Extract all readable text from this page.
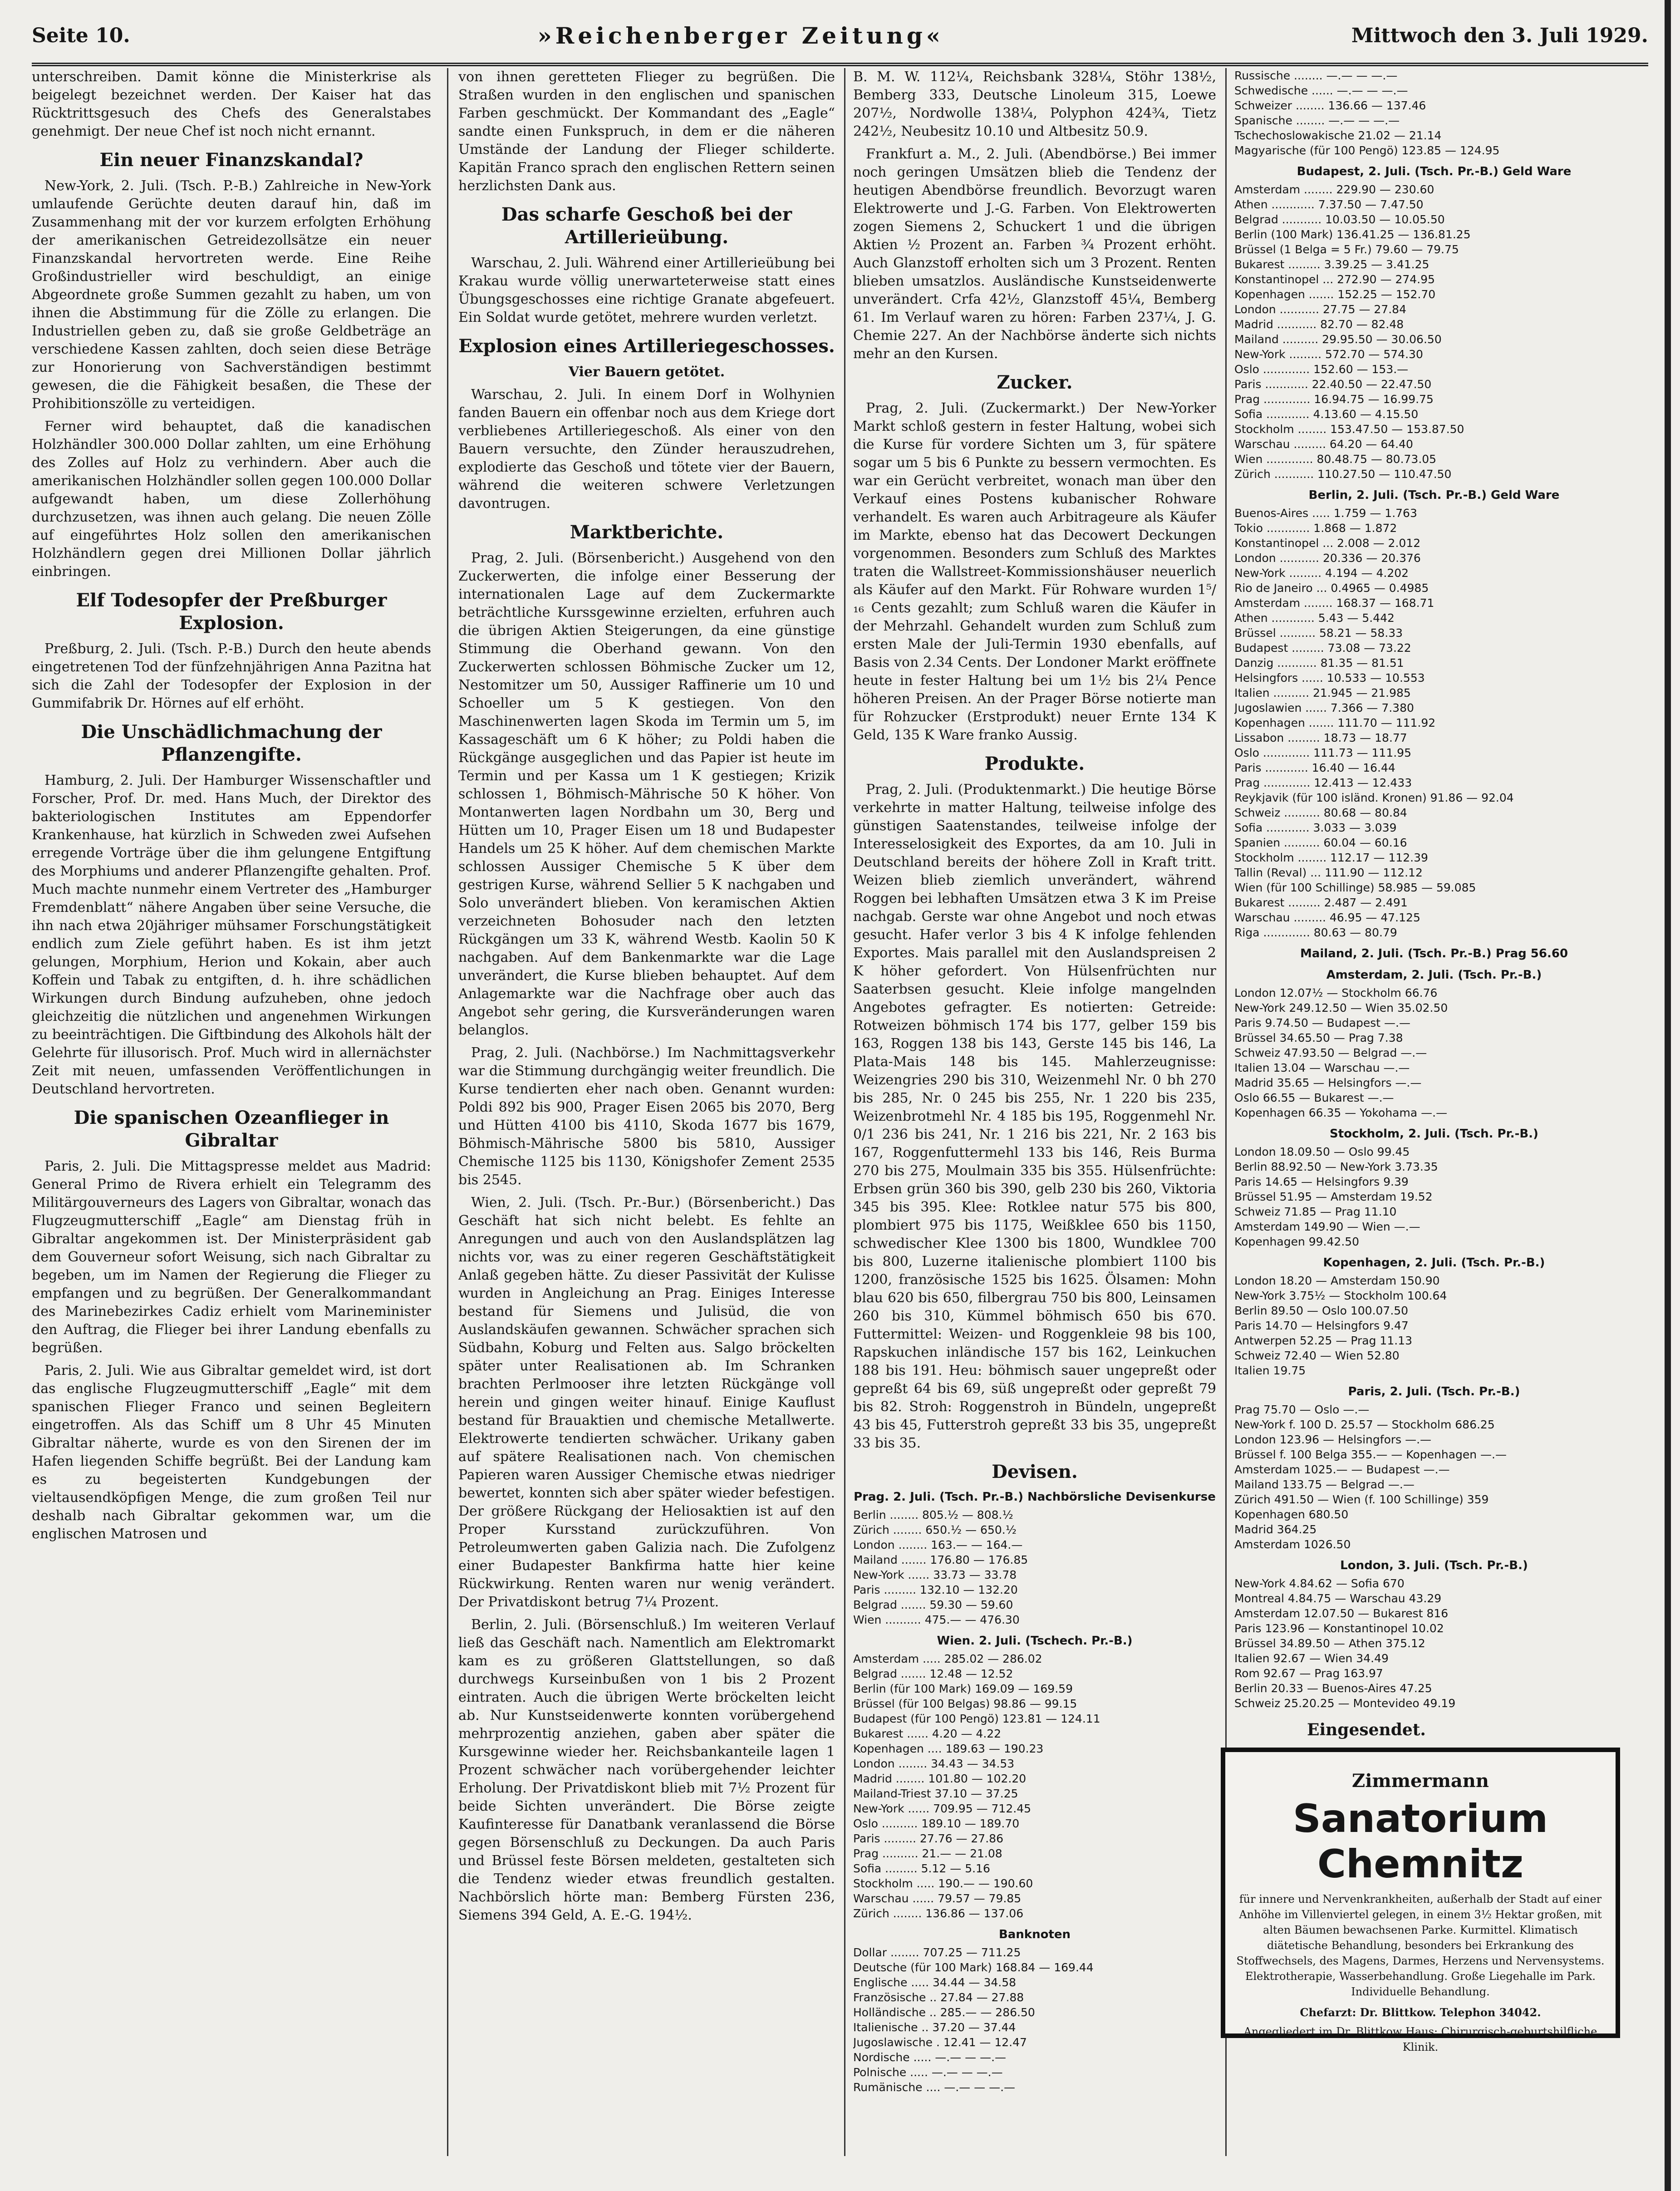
Seite 10.	»Reichenberger Zeitung«	Mittwoch den 3. Juli 1929.

unterschreiben. Damit könne die Ministerkrise als beigelegt bezeichnet werden. Der Kaiser hat das Rücktrittsgesuch des Chefs des Generalstabes genehmigt. Der neue Chef ist noch nicht ernannt.

Ein neuer Finanzskandal?

New-York, 2. Juli. (Tsch. P.-B.) Zahlreiche in New-York umlaufende Gerüchte deuten darauf hin, daß im Zusammenhang mit der vor kurzem erfolgten Erhöhung der amerikanischen Getreidezollsätze ein neuer Finanzskandal hervortreten werde. Eine Reihe Großindustrieller wird beschuldigt, an einige Abgeordnete große Summen gezahlt zu haben, um von ihnen die Abstimmung für die Zölle zu erlangen. Die Industriellen geben zu, daß sie große Geldbeträge an verschiedene Kassen zahlten, doch seien diese Beträge zur Honorierung von Sachverständigen bestimmt gewesen, die die Fähigkeit besaßen, die These der Prohibitionszölle zu verteidigen.

Ferner wird behauptet, daß die kanadischen Holzhändler 300.000 Dollar zahlten, um eine Erhöhung des Zolles auf Holz zu verhindern. Aber auch die amerikanischen Holzhändler sollen gegen 100.000 Dollar aufgewandt haben, um diese Zollerhöhung durchzusetzen, was ihnen auch gelang. Die neuen Zölle auf eingeführtes Holz sollen den amerikanischen Holzhändlern gegen drei Millionen Dollar jährlich einbringen.

Elf Todesopfer der Preßburger Explosion.

Preßburg, 2. Juli. (Tsch. P.-B.) Durch den heute abends eingetretenen Tod der fünfzehnjährigen Anna Pazitna hat sich die Zahl der Todesopfer der Explosion in der Gummifabrik Dr. Hörnes auf elf erhöht.

Die Unschädlichmachung der Pflanzengifte.

Hamburg, 2. Juli. Der Hamburger Wissenschaftler und Forscher, Prof. Dr. med. Hans Much, der Direktor des bakteriologischen Institutes am Eppendorfer Krankenhause, hat kürzlich in Schweden zwei Aufsehen erregende Vorträge über die ihm gelungene Entgiftung des Morphiums und anderer Pflanzengifte gehalten. Prof. Much machte nunmehr einem Vertreter des „Hamburger Fremdenblatt“ nähere Angaben über seine Versuche, die ihn nach etwa 20jähriger mühsamer Forschungstätigkeit endlich zum Ziele geführt haben. Es ist ihm jetzt gelungen, Morphium, Herion und Kokain, aber auch Koffein und Tabak zu entgiften, d. h. ihre schädlichen Wirkungen durch Bindung aufzuheben, ohne jedoch gleichzeitig die nützlichen und angenehmen Wirkungen zu beeinträchtigen. Die Giftbindung des Alkohols hält der Gelehrte für illusorisch. Prof. Much wird in allernächster Zeit mit neuen, umfassenden Veröffentlichungen in Deutschland hervortreten.

Die spanischen Ozeanflieger in Gibraltar

Paris, 2. Juli. Die Mittagspresse meldet aus Madrid: General Primo de Rivera erhielt ein Telegramm des Militärgouverneurs des Lagers von Gibraltar, wonach das Flugzeugmutterschiff „Eagle“ am Dienstag früh in Gibraltar angekommen ist. Der Ministerpräsident gab dem Gouverneur sofort Weisung, sich nach Gibraltar zu begeben, um im Namen der Regierung die Flieger zu empfangen und zu begrüßen. Der Generalkommandant des Marinebezirkes Cadiz erhielt vom Marineminister den Auftrag, die Flieger bei ihrer Landung ebenfalls zu begrüßen.

Paris, 2. Juli. Wie aus Gibraltar gemeldet wird, ist dort das englische Flugzeugmutterschiff „Eagle“ mit dem spanischen Flieger Franco und seinen Begleitern eingetroffen. Als das Schiff um 8 Uhr 45 Minuten Gibraltar näherte, wurde es von den Sirenen der im Hafen liegenden Schiffe begrüßt. Bei der Landung kam es zu begeisterten Kundgebungen der vieltausendköpfigen Menge, die zum großen Teil nur deshalb nach Gibraltar gekommen war, um die englischen Matrosen und

von ihnen geretteten Flieger zu begrüßen. Die Straßen wurden in den englischen und spanischen Farben geschmückt. Der Kommandant des „Eagle“ sandte einen Funkspruch, in dem er die näheren Umstände der Landung der Flieger schilderte. Kapitän Franco sprach den englischen Rettern seinen herzlichsten Dank aus.

Das scharfe Geschoß bei der Artillerieübung.

Warschau, 2. Juli. Während einer Artillerieübung bei Krakau wurde völlig unerwarteterweise statt eines Übungsgeschosses eine richtige Granate abgefeuert. Ein Soldat wurde getötet, mehrere wurden verletzt.

Explosion eines Artilleriegeschosses.
Vier Bauern getötet.

Warschau, 2. Juli. In einem Dorf in Wolhynien fanden Bauern ein offenbar noch aus dem Kriege dort verbliebenes Artilleriegeschoß. Als einer von den Bauern versuchte, den Zünder herauszudrehen, explodierte das Geschoß und tötete vier der Bauern, während die weiteren schwere Verletzungen davontrugen.

Marktberichte.

Prag, 2. Juli. (Börsenbericht.) Ausgehend von den Zuckerwerten, die infolge einer Besserung der internationalen Lage auf dem Zuckermarkte beträchtliche Kurssgewinne erzielten, erfuhren auch die übrigen Aktien Steigerungen, da eine günstige Stimmung die Oberhand gewann. Von den Zuckerwerten schlossen Böhmische Zucker um 12, Nestomitzer um 50, Aussiger Raffinerie um 10 und Schoeller um 5 K gestiegen. Von den Maschinenwerten lagen Skoda im Termin um 5, im Kassageschäft um 6 K höher; zu Poldi haben die Rückgänge ausgeglichen und das Papier ist heute im Termin und per Kassa um 1 K gestiegen; Krizik schlossen 1, Böhmisch-Mährische 50 K höher. Von Montanwerten lagen Nordbahn um 30, Berg und Hütten um 10, Prager Eisen um 18 und Budapester Handels um 25 K höher. Auf dem chemischen Markte schlossen Aussiger Chemische 5 K über dem gestrigen Kurse, während Sellier 5 K nachgaben und Solo unverändert blieben. Von keramischen Aktien verzeichneten Bohosuder nach den letzten Rückgängen um 33 K, während Westb. Kaolin 50 K nachgaben. Auf dem Bankenmarkte war die Lage unverändert, die Kurse blieben behauptet. Auf dem Anlagemarkte war die Nachfrage ober auch das Angebot sehr gering, die Kursveränderungen waren belanglos.

Prag, 2. Juli. (Nachbörse.) Im Nachmittagsverkehr war die Stimmung durchgängig weiter freundlich. Die Kurse tendierten eher nach oben. Genannt wurden: Poldi 892 bis 900, Prager Eisen 2065 bis 2070, Berg und Hütten 4100 bis 4110, Skoda 1677 bis 1679, Böhmisch-Mährische 5800 bis 5810, Aussiger Chemische 1125 bis 1130, Königshofer Zement 2535 bis 2545.

Wien, 2. Juli. (Tsch. Pr.-Bur.) (Börsenbericht.) Das Geschäft hat sich nicht belebt. Es fehlte an Anregungen und auch von den Auslandsplätzen lag nichts vor, was zu einer regeren Geschäftstätigkeit Anlaß gegeben hätte. Zu dieser Passivität der Kulisse wurden in Angleichung an Prag. Einiges Interesse bestand für Siemens und Julisüd, die von Auslandskäufen gewannen. Schwächer sprachen sich Südbahn, Koburg und Felten aus. Salgo bröckelten später unter Realisationen ab. Im Schranken brachten Perlmooser ihre letzten Rückgänge voll herein und gingen weiter hinauf. Einige Kauflust bestand für Brauaktien und chemische Metallwerte. Elektrowerte tendierten schwächer. Urikany gaben auf spätere Realisationen nach. Von chemischen Papieren waren Aussiger Chemische etwas niedriger bewertet, konnten sich aber später wieder befestigen. Der größere Rückgang der Heliosaktien ist auf den Proper Kursstand zurückzuführen. Von Petroleumwerten gaben Galizia nach. Die Zufolgenz einer Budapester Bankfirma hatte hier keine Rückwirkung. Renten waren nur wenig verändert. Der Privatdiskont betrug 7¼ Prozent.

Berlin, 2. Juli. (Börsenschluß.) Im weiteren Verlauf ließ das Geschäft nach. Namentlich am Elektromarkt kam es zu größeren Glattstellungen, so daß durchwegs Kurseinbußen von 1 bis 2 Prozent eintraten. Auch die übrigen Werte bröckelten leicht ab. Nur Kunstseidenwerte konnten vorübergehend mehrprozentig anziehen, gaben aber später die Kursgewinne wieder her. Reichsbankanteile lagen 1 Prozent schwächer nach vorübergehender leichter Erholung. Der Privatdiskont blieb mit 7½ Prozent für beide Sichten unverändert. Die Börse zeigte Kaufinteresse für Danatbank veranlassend die Börse gegen Börsenschluß zu Deckungen. Da auch Paris und Brüssel feste Börsen meldeten, gestalteten sich die Tendenz wieder etwas freundlich gestalten. Nachbörslich hörte man: Bemberg Fürsten 236, Siemens 394 Geld, A. E.-G. 194½.

B. M. W. 112¼, Reichsbank 328¼, Stöhr 138½, Bemberg 333, Deutsche Linoleum 315, Loewe 207½, Nordwolle 138¼, Polyphon 424¾, Tietz 242½, Neubesitz 10.10 und Altbesitz 50.9.

Frankfurt a. M., 2. Juli. (Abendbörse.) Bei immer noch geringen Umsätzen blieb die Tendenz der heutigen Abendbörse freundlich. Bevorzugt waren Elektrowerte und J.-G. Farben. Von Elektrowerten zogen Siemens 2, Schuckert 1 und die übrigen Aktien ½ Prozent an. Farben ¾ Prozent erhöht. Auch Glanzstoff erholten sich um 3 Prozent. Renten blieben umsatzlos. Ausländische Kunstseidenwerte unverändert. Crfa 42½, Glanzstoff 45¼, Bemberg 61. Im Verlauf waren zu hören: Farben 237¼, J. G. Chemie 227. An der Nachbörse änderte sich nichts mehr an den Kursen.

Zucker.

Prag, 2. Juli. (Zuckermarkt.) Der New-Yorker Markt schloß gestern in fester Haltung, wobei sich die Kurse für vordere Sichten um 3, für spätere sogar um 5 bis 6 Punkte zu bessern vermochten. Es war ein Gerücht verbreitet, wonach man über den Verkauf eines Postens kubanischer Rohware verhandelt. Es waren auch Arbitrageure als Käufer im Markte, ebenso hat das Decowert Deckungen vorgenommen. Besonders zum Schluß des Marktes traten die Wallstreet-Kommissionshäuser neuerlich als Käufer auf den Markt. Für Rohware wurden 1⁵/₁₆ Cents gezahlt; zum Schluß waren die Käufer in der Mehrzahl. Gehandelt wurden zum Schluß zum ersten Male der Juli-Termin 1930 ebenfalls, auf Basis von 2.34 Cents. Der Londoner Markt eröffnete heute in fester Haltung bei um 1½ bis 2¼ Pence höheren Preisen. An der Prager Börse notierte man für Rohzucker (Erstprodukt) neuer Ernte 134 K Geld, 135 K Ware franko Aussig.

Produkte.

Prag, 2. Juli. (Produktenmarkt.) Die heutige Börse verkehrte in matter Haltung, teilweise infolge des günstigen Saatenstandes, teilweise infolge der Interesselosigkeit des Exportes, da am 10. Juli in Deutschland bereits der höhere Zoll in Kraft tritt. Weizen blieb ziemlich unverändert, während Roggen bei lebhaften Umsätzen etwa 3 K im Preise nachgab. Gerste war ohne Angebot und noch etwas gesucht. Hafer verlor 3 bis 4 K infolge fehlenden Exportes. Mais parallel mit den Auslandspreisen 2 K höher gefordert. Von Hülsenfrüchten nur Saaterbsen gesucht. Kleie infolge mangelnden Angebotes gefragter. Es notierten: Getreide: Rotweizen böhmisch 174 bis 177, gelber 159 bis 163, Roggen 138 bis 143, Gerste 145 bis 146, La Plata-Mais 148 bis 145. Mahlerzeugnisse: Weizengries 290 bis 310, Weizenmehl Nr. 0 bh 270 bis 285, Nr. 0 245 bis 255, Nr. 1 220 bis 235, Weizenbrotmehl Nr. 4 185 bis 195, Roggenmehl Nr. 0/1 236 bis 241, Nr. 1 216 bis 221, Nr. 2 163 bis 167, Roggenfuttermehl 133 bis 146, Reis Burma 270 bis 275, Moulmain 335 bis 355. Hülsenfrüchte: Erbsen grün 360 bis 390, gelb 230 bis 260, Viktoria 345 bis 395. Klee: Rotklee natur 575 bis 800, plombiert 975 bis 1175, Weißklee 650 bis 1150, schwedischer Klee 1300 bis 1800, Wundklee 700 bis 800, Luzerne italienische plombiert 1100 bis 1200, französische 1525 bis 1625. Ölsamen: Mohn blau 620 bis 650, filbergrau 750 bis 800, Leinsamen 260 bis 310, Kümmel böhmisch 650 bis 670. Futtermittel: Weizen- und Roggenkleie 98 bis 100, Rapskuchen inländische 157 bis 162, Leinkuchen 188 bis 191. Heu: böhmisch sauer ungepreßt oder gepreßt 64 bis 69, süß ungepreßt oder gepreßt 79 bis 82. Stroh: Roggenstroh in Bündeln, ungepreßt 43 bis 45, Futterstroh gepreßt 33 bis 35, ungepreßt 33 bis 35.

Devisen.
Prag. 2. Juli. (Tsch. Pr.-B.) Nachbörsliche Devisenkurse
Berlin ........ 805.½ — 808.½
Zürich ........ 650.½ — 650.½
London ........ 163.— — 164.—
Mailand ....... 176.80 — 176.85
New-York ...... 33.73 — 33.78
Paris ......... 132.10 — 132.20
Belgrad ....... 59.30 — 59.60
Wien .......... 475.— — 476.30
Wien. 2. Juli. (Tschech. Pr.-B.)
Amsterdam ..... 285.02 — 286.02
Belgrad ....... 12.48 — 12.52
Berlin (für 100 Mark) 169.09 — 169.59
Brüssel (für 100 Belgas) 98.86 — 99.15
Budapest (für 100 Pengö) 123.81 — 124.11
Bukarest ...... 4.20 — 4.22
Kopenhagen .... 189.63 — 190.23
London ........ 34.43 — 34.53
Madrid ........ 101.80 — 102.20
Mailand-Triest 37.10 — 37.25
New-York ...... 709.95 — 712.45
Oslo .......... 189.10 — 189.70
Paris ......... 27.76 — 27.86
Prag .......... 21.— — 21.08
Sofia ......... 5.12 — 5.16
Stockholm ..... 190.— — 190.60
Warschau ...... 79.57 — 79.85
Zürich ........ 136.86 — 137.06
Banknoten
Dollar ........ 707.25 — 711.25
Deutsche (für 100 Mark) 168.84 — 169.44
Englische ..... 34.44 — 34.58
Französische .. 27.84 — 27.88
Holländische .. 285.— — 286.50
Italienische .. 37.20 — 37.44
Jugoslawische . 12.41 — 12.47
Nordische ..... —.— — —.—
Polnische ..... —.— — —.—
Rumänische .... —.— — —.—
Russische ........ —.— — —.—
Schwedische ...... —.— — —.—
Schweizer ........ 136.66 — 137.46
Spanische ........ —.— — —.—
Tschechoslowakische 21.02 — 21.14
Magyarische (für 100 Pengö) 123.85 — 124.95
Budapest, 2. Juli. (Tsch. Pr.-B.) Geld Ware
Amsterdam ........ 229.90 — 230.60
Athen ............ 7.37.50 — 7.47.50
Belgrad ........... 10.03.50 — 10.05.50
Berlin (100 Mark) 136.41.25 — 136.81.25
Brüssel (1 Belga = 5 Fr.) 79.60 — 79.75
Bukarest ......... 3.39.25 — 3.41.25
Konstantinopel ... 272.90 — 274.95
Kopenhagen ....... 152.25 — 152.70
London ........... 27.75 — 27.84
Madrid ........... 82.70 — 82.48
Mailand .......... 29.95.50 — 30.06.50
New-York ......... 572.70 — 574.30
Oslo ............. 152.60 — 153.—
Paris ............ 22.40.50 — 22.47.50
Prag ............. 16.94.75 — 16.99.75
Sofia ............ 4.13.60 — 4.15.50
Stockholm ........ 153.47.50 — 153.87.50
Warschau ......... 64.20 — 64.40
Wien ............. 80.48.75 — 80.73.05
Zürich ........... 110.27.50 — 110.47.50
Berlin, 2. Juli. (Tsch. Pr.-B.) Geld Ware
Buenos-Aires ..... 1.759 — 1.763
Tokio ............ 1.868 — 1.872
Konstantinopel ... 2.008 — 2.012
London ........... 20.336 — 20.376
New-York ......... 4.194 — 4.202
Rio de Janeiro ... 0.4965 — 0.4985
Amsterdam ........ 168.37 — 168.71
Athen ............ 5.43 — 5.442
Brüssel .......... 58.21 — 58.33
Budapest ......... 73.08 — 73.22
Danzig ........... 81.35 — 81.51
Helsingfors ...... 10.533 — 10.553
Italien .......... 21.945 — 21.985
Jugoslawien ...... 7.366 — 7.380
Kopenhagen ....... 111.70 — 111.92
Lissabon ......... 18.73 — 18.77
Oslo ............. 111.73 — 111.95
Paris ............ 16.40 — 16.44
Prag ............. 12.413 — 12.433
Reykjavik (für 100 isländ. Kronen) 91.86 — 92.04
Schweiz .......... 80.68 — 80.84
Sofia ............ 3.033 — 3.039
Spanien .......... 60.04 — 60.16
Stockholm ........ 112.17 — 112.39
Tallin (Reval) ... 111.90 — 112.12
Wien (für 100 Schillinge) 58.985 — 59.085
Bukarest ......... 2.487 — 2.491
Warschau ......... 46.95 — 47.125
Riga ............. 80.63 — 80.79
Mailand, 2. Juli. (Tsch. Pr.-B.) Prag 56.60
Amsterdam, 2. Juli. (Tsch. Pr.-B.)
London 12.07½ — Stockholm 66.76
New-York 249.12.50 — Wien 35.02.50
Paris 9.74.50 — Budapest —.—
Brüssel 34.65.50 — Prag 7.38
Schweiz 47.93.50 — Belgrad —.—
Italien 13.04 — Warschau —.—
Madrid 35.65 — Helsingfors —.—
Oslo 66.55 — Bukarest —.—
Kopenhagen 66.35 — Yokohama —.—
Stockholm, 2. Juli. (Tsch. Pr.-B.)
London 18.09.50 — Oslo 99.45
Berlin 88.92.50 — New-York 3.73.35
Paris 14.65 — Helsingfors 9.39
Brüssel 51.95 — Amsterdam 19.52
Schweiz 71.85 — Prag 11.10
Amsterdam 149.90 — Wien —.—
Kopenhagen 99.42.50
Kopenhagen, 2. Juli. (Tsch. Pr.-B.)
London 18.20 — Amsterdam 150.90
New-York 3.75½ — Stockholm 100.64
Berlin 89.50 — Oslo 100.07.50
Paris 14.70 — Helsingfors 9.47
Antwerpen 52.25 — Prag 11.13
Schweiz 72.40 — Wien 52.80
Italien 19.75
Paris, 2. Juli. (Tsch. Pr.-B.)
Prag 75.70 — Oslo —.—
New-York f. 100 D. 25.57 — Stockholm 686.25
London 123.96 — Helsingfors —.—
Brüssel f. 100 Belga 355.— — Kopenhagen —.—
Amsterdam 1025.— — Budapest —.—
Mailand 133.75 — Belgrad —.—
Zürich 491.50 — Wien (f. 100 Schillinge) 359
Kopenhagen 680.50
Madrid 364.25
Amsterdam 1026.50
London, 3. Juli. (Tsch. Pr.-B.)
New-York 4.84.62 — Sofia 670
Montreal 4.84.75 — Warschau 43.29
Amsterdam 12.07.50 — Bukarest 816
Paris 123.96 — Konstantinopel 10.02
Brüssel 34.89.50 — Athen 375.12
Italien 92.67 — Wien 34.49
Rom 92.67 — Prag 163.97
Berlin 20.33 — Buenos-Aires 47.25
Schweiz 25.20.25 — Montevideo 49.19
Eingesendet.
Zimmermann
Sanatorium Chemnitz
für innere und Nervenkrankheiten, außerhalb der Stadt auf einer Anhöhe im Villenviertel gelegen, in einem 3½ Hektar großen, mit alten Bäumen bewachsenen Parke. Kurmittel. Klimatisch diätetische Behandlung, besonders bei Erkrankung des Stoffwechsels, des Magens, Darmes, Herzens und Nervensystems. Elektrotherapie, Wasserbehandlung. Große Liegehalle im Park. Individuelle Behandlung.
Chefarzt: Dr. Blittkow. Telephon 34042.
Angegliedert im Dr. Blittkow Haus: Chirurgisch-geburtshilfliche Klinik.
